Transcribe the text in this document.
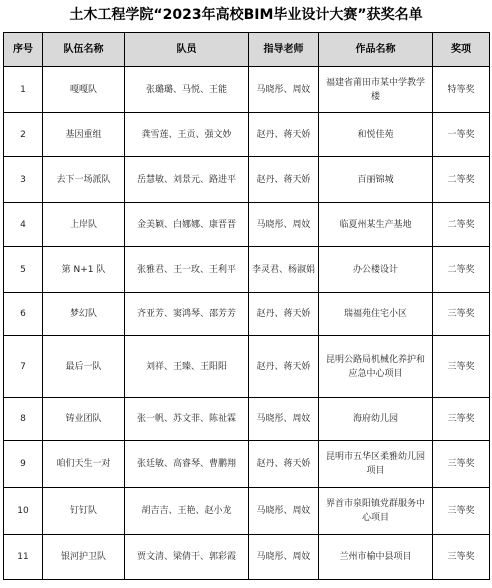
土木工程学院“2023年高校BIM毕业设计大赛”获奖名单
序号	队伍名称	队员	指导老师	作品名称	奖项
1	嘎嘎队	张璐璐、马悦、王能	马晓彤、周妏	福建省莆田市某中学教学楼	特等奖
2	基因重组	龚雪莲、王贡、强文妙	赵丹、蒋天娇	和悦佳苑	一等奖
3	去下一场派队	岳慧敏、刘景元、路进平	赵丹、蒋天娇	百丽锦城	二等奖
4	上岸队	金美颖、白娜娜、康晋晋	马晓彤、周妏	临夏州某生产基地	二等奖
5	第 N+1 队	张雅君、王一玫、王利平	李灵君、杨淑娟	办公楼设计	二等奖
6	梦幻队	齐亚芳、窦鸿琴、邵芳芳	赵丹、蒋天娇	瑞福苑住宅小区	三等奖
7	最后一队	刘祥、王臻、王阳阳	赵丹、蒋天娇	昆明公路局机械化养护和应急中心项目	三等奖
8	铸业团队	张一帆、苏文菲、陈祉霖	马晓彤、周妏	海府幼儿园	三等奖
9	咱们天生一对	张廷敏、高睿琴、曹鹏翔	赵丹、蒋天娇	昆明市五华区柔雅幼儿园项目	三等奖
10	钉钉队	胡吉吉、王艳、赵小龙	马晓彤、周妏	界首市泉阳镇党群服务中心项目	三等奖
11	银河护卫队	贾文清、梁倩干、郭彩霞	马晓彤、周妏	兰州市榆中县项目	三等奖
